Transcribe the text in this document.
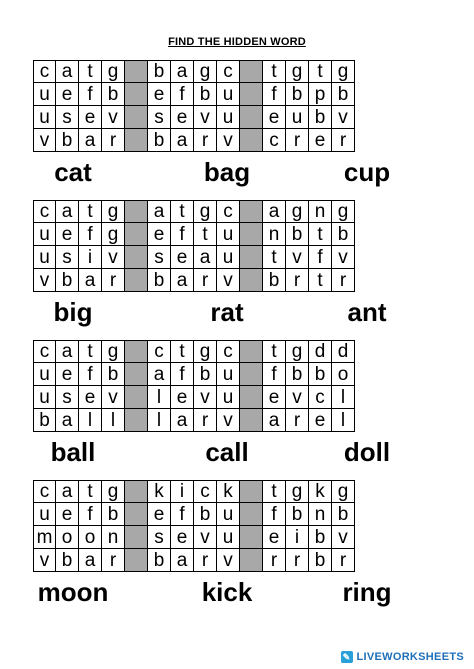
FIND THE HIDDEN WORD
c a t g	b a g c	t g t g
u e f b	e f b u	f b p b
u s e v	s e v u	e u b v
v b a r	b a r v	c r e r
cat	bag	cup
c a t g	a t g c	a g n g
u e f g	e f t u	n b t b
u s i v	s e a u	t v f v
v b a r	b a r v	b r t r
big	rat	ant
c a t g	c t g c	t g d d
u e f b	a f b u	f b b o
u s e v	l e v u	e v c l
b a l l	l a r v	a r e l
ball	call	doll
c a t g	k i c k	t g k g
u e f b	e f b u	f b n b
m o o n	s e v u	e i b v
v b a r	b a r v	r r b r
moon	kick	ring
✎ LIVEWORKSHEETS
